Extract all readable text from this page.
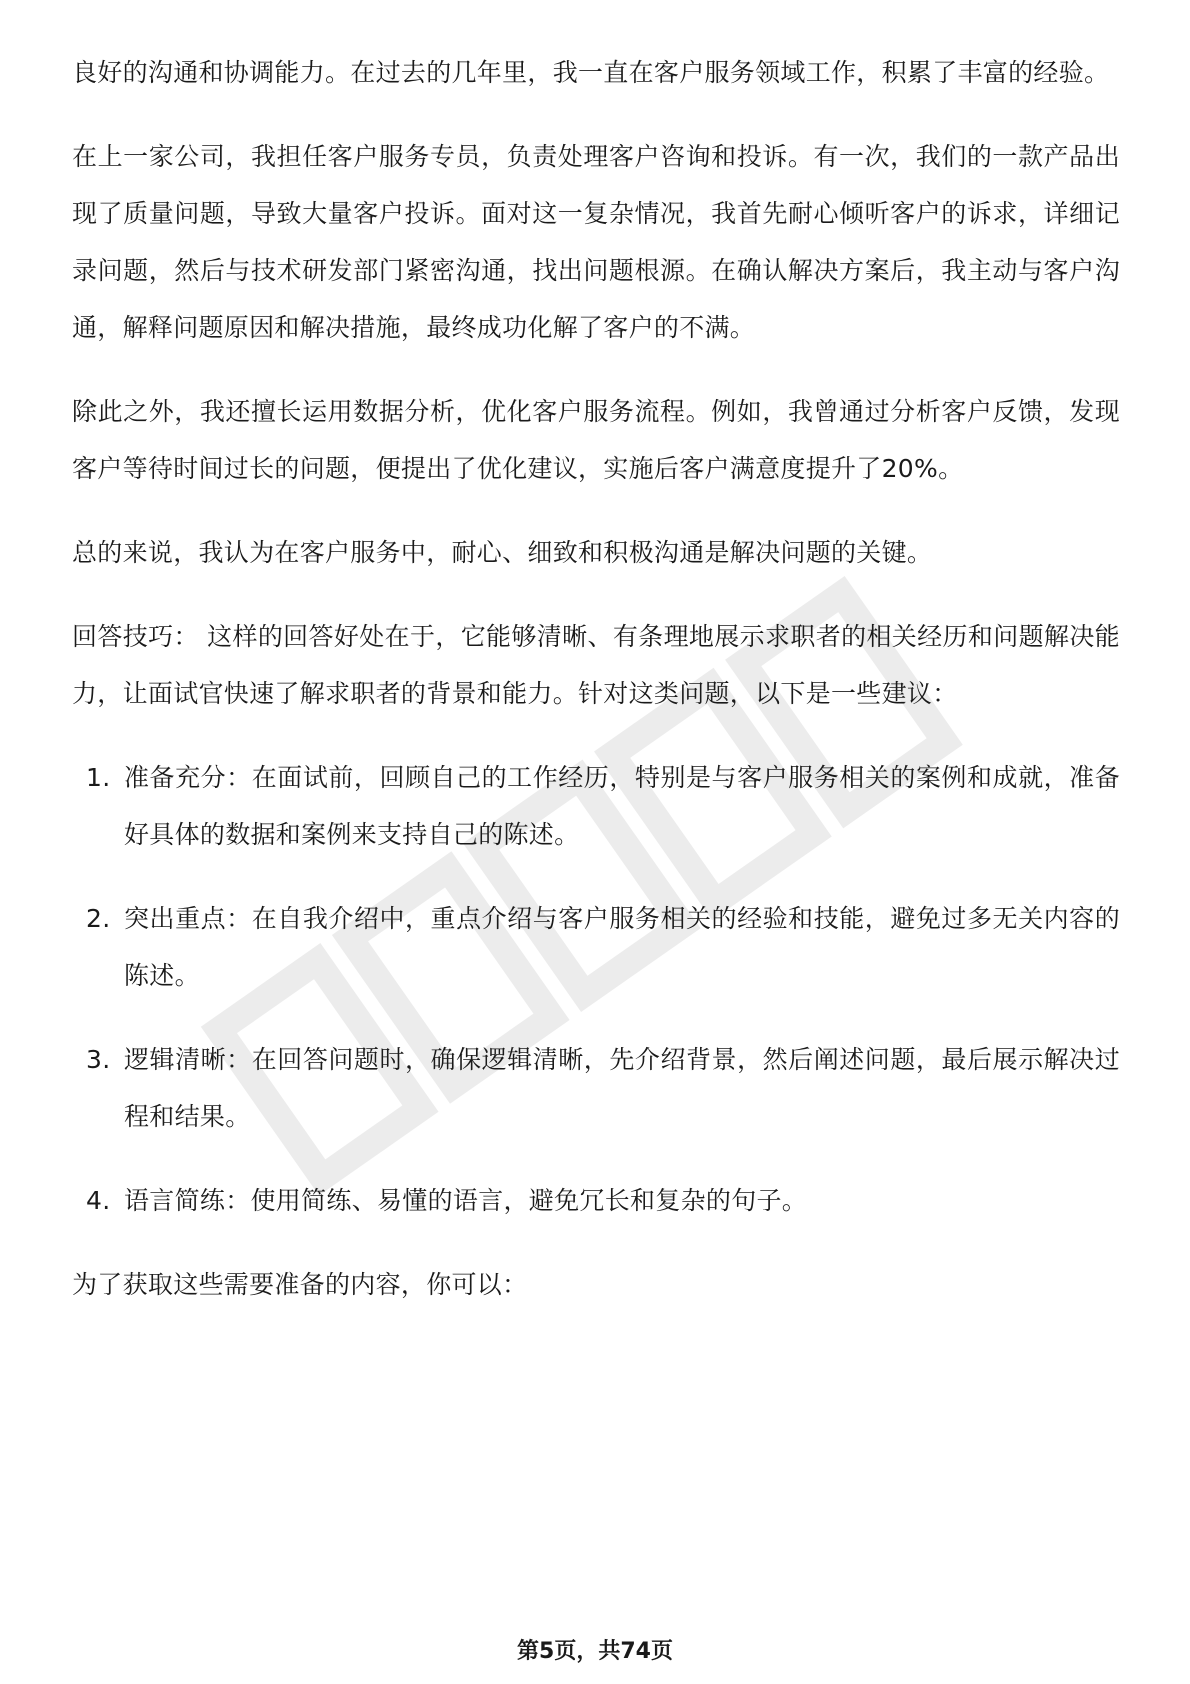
良好的沟通和协调能力。在过去的几年里，我一直在客户服务领域工作，积累了丰富的经验。

在上一家公司，我担任客户服务专员，负责处理客户咨询和投诉。有一次，我们的一款产品出现了质量问题，导致大量客户投诉。面对这一复杂情况，我首先耐心倾听客户的诉求，详细记录问题，然后与技术研发部门紧密沟通，找出问题根源。在确认解决方案后，我主动与客户沟通，解释问题原因和解决措施，最终成功化解了客户的不满。

除此之外，我还擅长运用数据分析，优化客户服务流程。例如，我曾通过分析客户反馈，发现客户等待时间过长的问题，便提出了优化建议，实施后客户满意度提升了20%。

总的来说，我认为在客户服务中，耐心、细致和积极沟通是解决问题的关键。

回答技巧： 这样的回答好处在于，它能够清晰、有条理地展示求职者的相关经历和问题解决能力，让面试官快速了解求职者的背景和能力。针对这类问题，以下是一些建议：

1. 准备充分：在面试前，回顾自己的工作经历，特别是与客户服务相关的案例和成就，准备好具体的数据和案例来支持自己的陈述。
2. 突出重点：在自我介绍中，重点介绍与客户服务相关的经验和技能，避免过多无关内容的陈述。
3. 逻辑清晰：在回答问题时，确保逻辑清晰，先介绍背景，然后阐述问题，最后展示解决过程和结果。
4. 语言简练：使用简练、易懂的语言，避免冗长和复杂的句子。

为了获取这些需要准备的内容，你可以：

第5页，共74页
